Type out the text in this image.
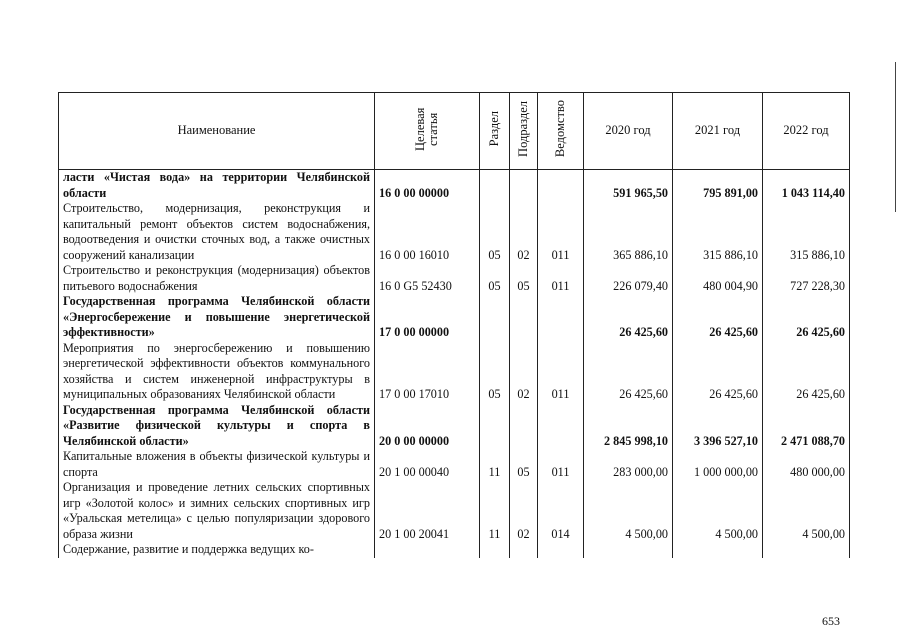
Наименование	Целевая статья	Раздел	Подраздел	Ведомство	2020 год	2021 год	2022 год
ласти «Чистая вода» на территории Челябинской области	16 0 00 00000				591 965,50	795 891,00	1 043 114,40
Строительство, модернизация, реконструкция и капитальный ремонт объектов систем водоснабжения, водоотведения и очистки сточных вод, а также очистных сооружений канализации	16 0 00 16010	05	02	011	365 886,10	315 886,10	315 886,10
Строительство и реконструкция (модернизация) объектов питьевого водоснабжения	16 0 G5 52430	05	05	011	226 079,40	480 004,90	727 228,30
Государственная программа Челябинской области «Энергосбережение и повышение энергетической эффективности»	17 0 00 00000				26 425,60	26 425,60	26 425,60
Мероприятия по энергосбережению и повышению энергетической эффективности объектов коммунального хозяйства и систем инженерной инфраструктуры в муниципальных образованиях Челябинской области	17 0 00 17010	05	02	011	26 425,60	26 425,60	26 425,60
Государственная программа Челябинской области «Развитие физической культуры и спорта в Челябинской области»	20 0 00 00000				2 845 998,10	3 396 527,10	2 471 088,70
Капитальные вложения в объекты физической культуры и спорта	20 1 00 00040	11	05	011	283 000,00	1 000 000,00	480 000,00
Организация и проведение летних сельских спортивных игр «Золотой колос» и зимних сельских спортивных игр «Уральская метелица» с целью популяризации здорового образа жизни	20 1 00 20041	11	02	014	4 500,00	4 500,00	4 500,00
Содержание, развитие и поддержка ведущих ко-							
653
